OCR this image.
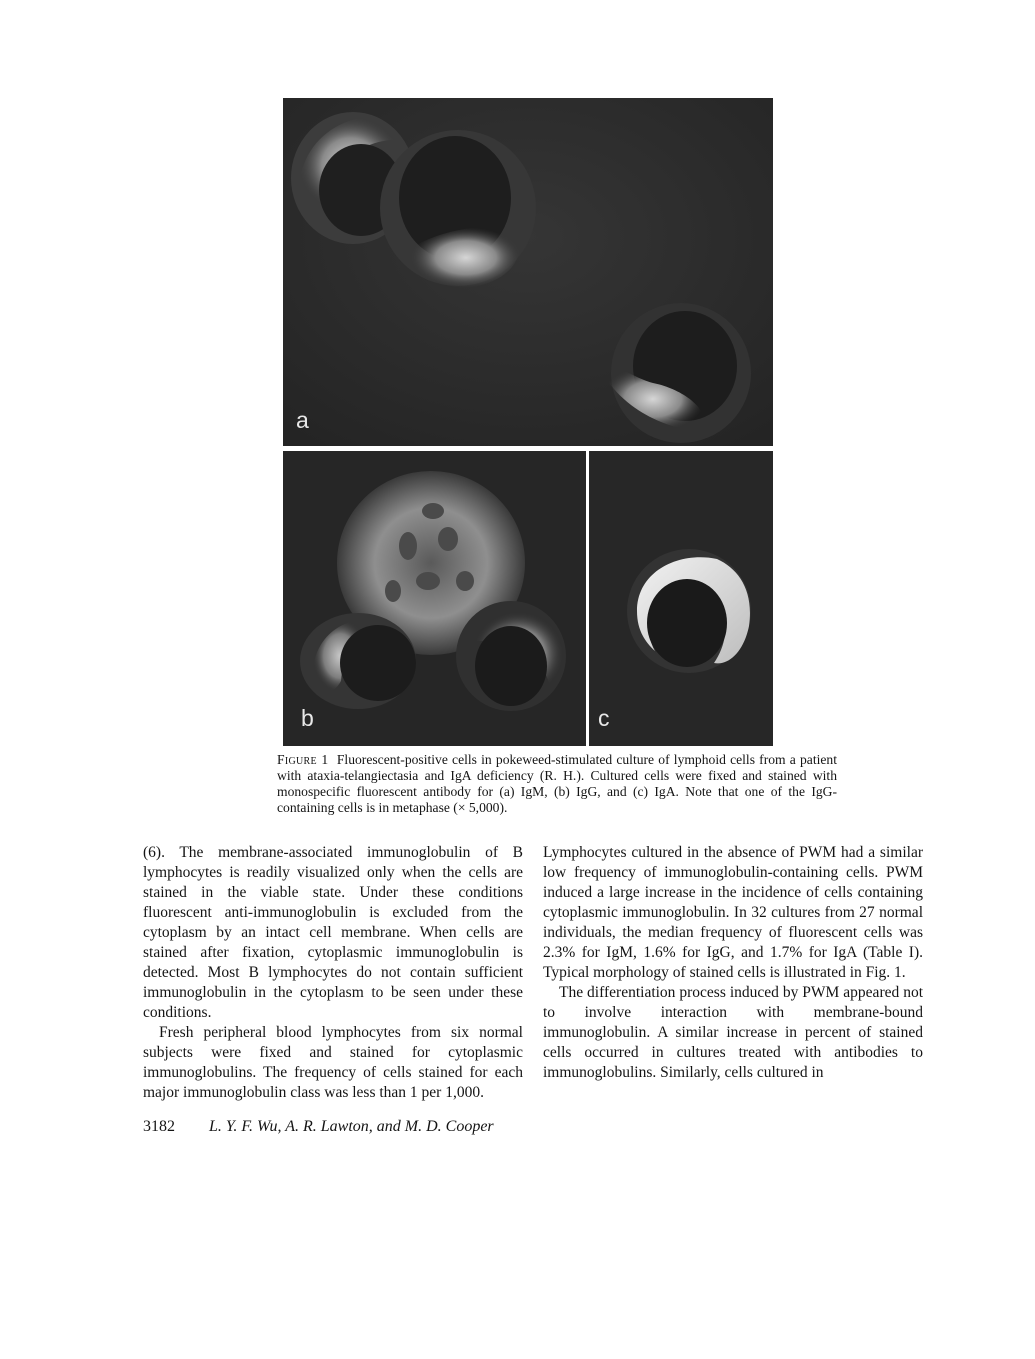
a
b	c
Figure 1 Fluorescent-positive cells in pokeweed-stimulated culture of lymphoid cells from a patient with ataxia-telangiectasia and IgA deficiency (R. H.). Cultured cells were fixed and stained with monospecific fluorescent antibody for (a) IgM, (b) IgG, and (c) IgA. Note that one of the IgG-containing cells is in metaphase (× 5,000).

(6). The membrane-associated immunoglobulin of B lymphocytes is readily visualized only when the cells are stained in the viable state. Under these conditions fluorescent anti-immunoglobulin is excluded from the cytoplasm by an intact cell membrane. When cells are stained after fixation, cytoplasmic immunoglobulin is detected. Most B lymphocytes do not contain sufficient immunoglobulin in the cytoplasm to be seen under these conditions.

Fresh peripheral blood lymphocytes from six normal subjects were fixed and stained for cytoplasmic immunoglobulins. The frequency of cells stained for each major immunoglobulin class was less than 1 per 1,000.

Lymphocytes cultured in the absence of PWM had a similar low frequency of immunoglobulin-containing cells. PWM induced a large increase in the incidence of cells containing cytoplasmic immunoglobulin. In 32 cultures from 27 normal individuals, the median frequency of fluorescent cells was 2.3% for IgM, 1.6% for IgG, and 1.7% for IgA (Table I). Typical morphology of stained cells is illustrated in Fig. 1.

The differentiation process induced by PWM appeared not to involve interaction with membrane-bound immunoglobulin. A similar increase in percent of stained cells occurred in cultures treated with antibodies to immunoglobulins. Similarly, cells cultured in

3182 L. Y. F. Wu, A. R. Lawton, and M. D. Cooper
